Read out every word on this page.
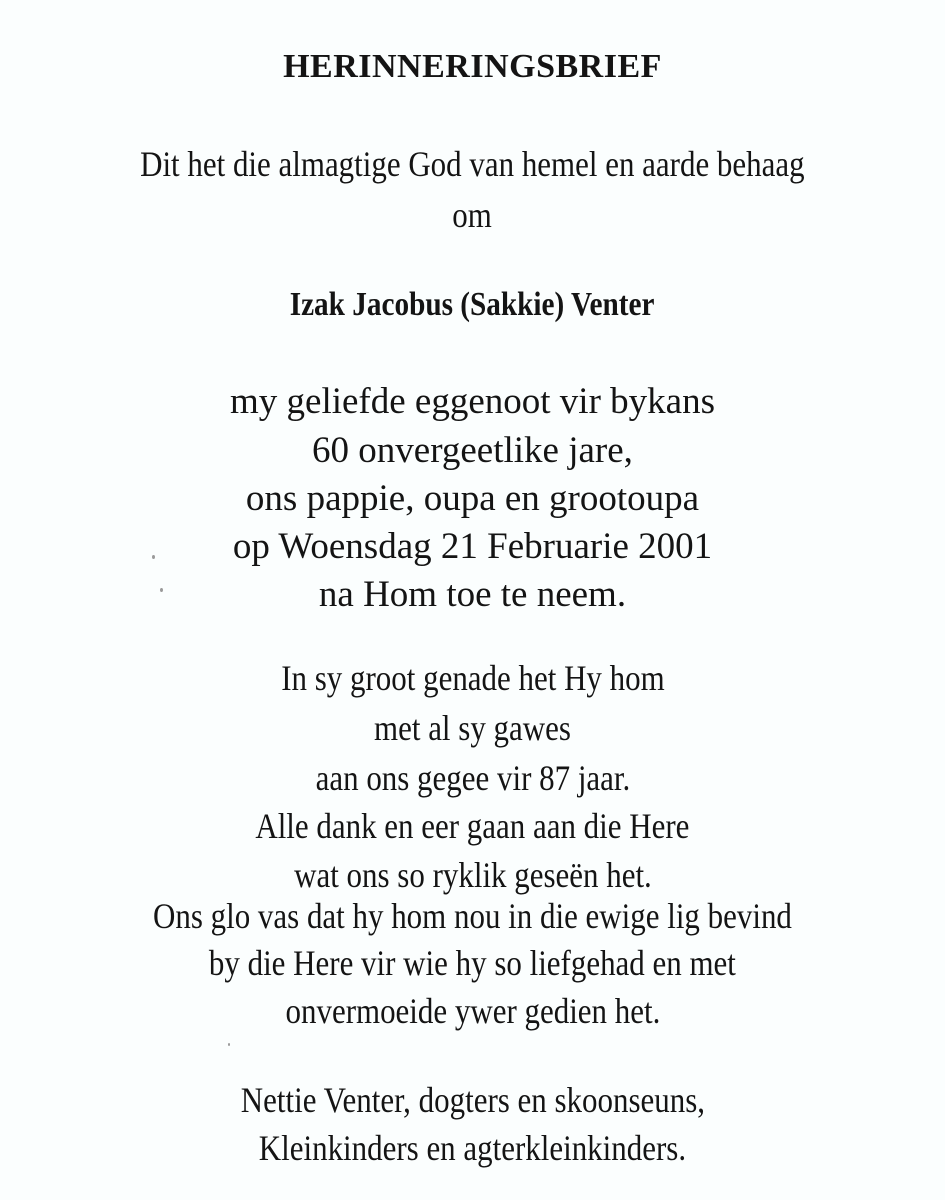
HERINNERINGSBRIEF
Dit het die almagtige God van hemel en aarde behaag
om
Izak Jacobus (Sakkie) Venter
my geliefde eggenoot vir bykans
60 onvergeetlike jare,
ons pappie, oupa en grootoupa
op Woensdag 21 Februarie 2001
na Hom toe te neem.
In sy groot genade het Hy hom
met al sy gawes
aan ons gegee vir 87 jaar.
Alle dank en eer gaan aan die Here
wat ons so ryklik geseën het.
Ons glo vas dat hy hom nou in die ewige lig bevind
by die Here vir wie hy so liefgehad en met
onvermoeide ywer gedien het.
Nettie Venter, dogters en skoonseuns,
Kleinkinders en agterkleinkinders.
